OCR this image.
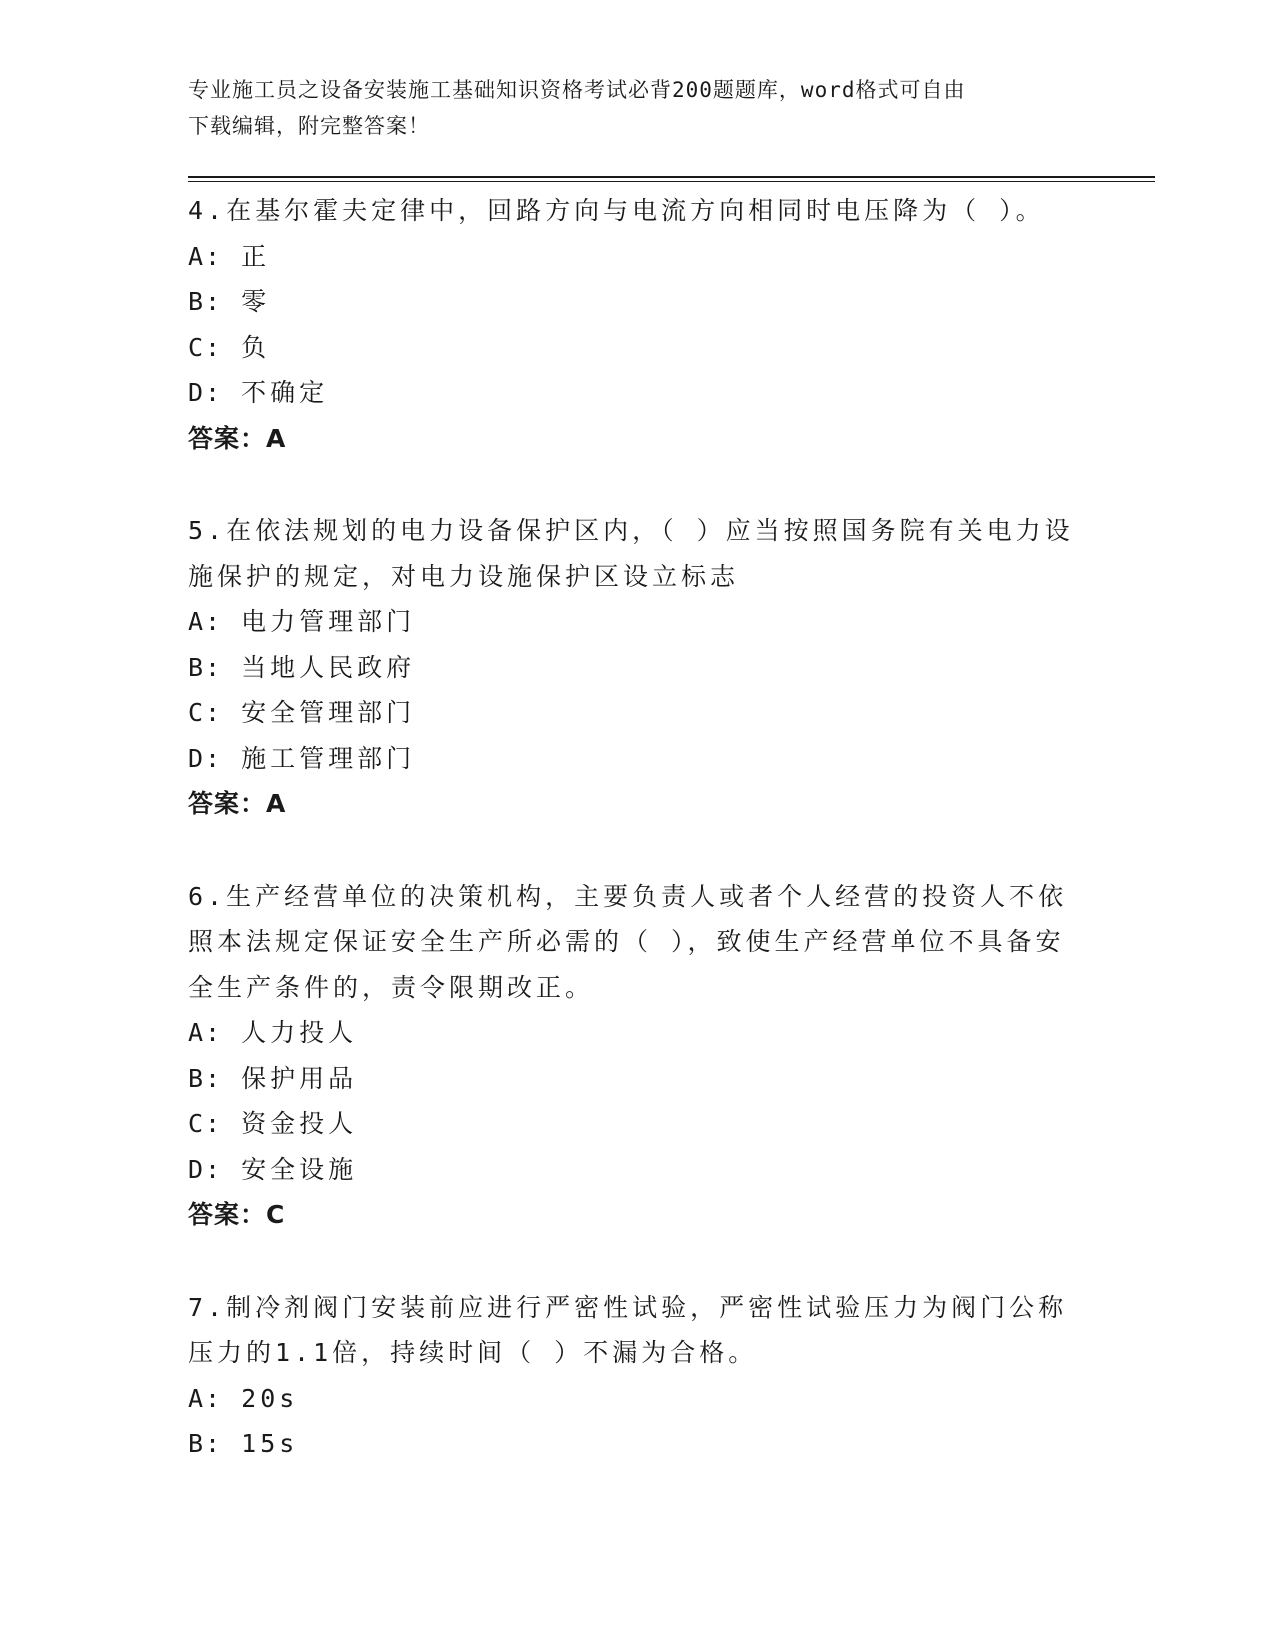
专业施工员之设备安装施工基础知识资格考试必背200题题库，word格式可自由
下载编辑，附完整答案！
4.在基尔霍夫定律中，回路方向与电流方向相同时电压降为（ ）。
A: 正
B: 零
C: 负
D: 不确定
答案：A
5.在依法规划的电力设备保护区内，（ ）应当按照国务院有关电力设
施保护的规定，对电力设施保护区设立标志
A: 电力管理部门
B: 当地人民政府
C: 安全管理部门
D: 施工管理部门
答案：A
6.生产经营单位的决策机构，主要负责人或者个人经营的投资人不依
照本法规定保证安全生产所必需的（ ），致使生产经营单位不具备安
全生产条件的，责令限期改正。
A: 人力投人
B: 保护用品
C: 资金投人
D: 安全设施
答案：C
7.制冷剂阀门安装前应进行严密性试验，严密性试验压力为阀门公称
压力的1.1倍，持续时间（ ）不漏为合格。
A: 20s
B: 15s
